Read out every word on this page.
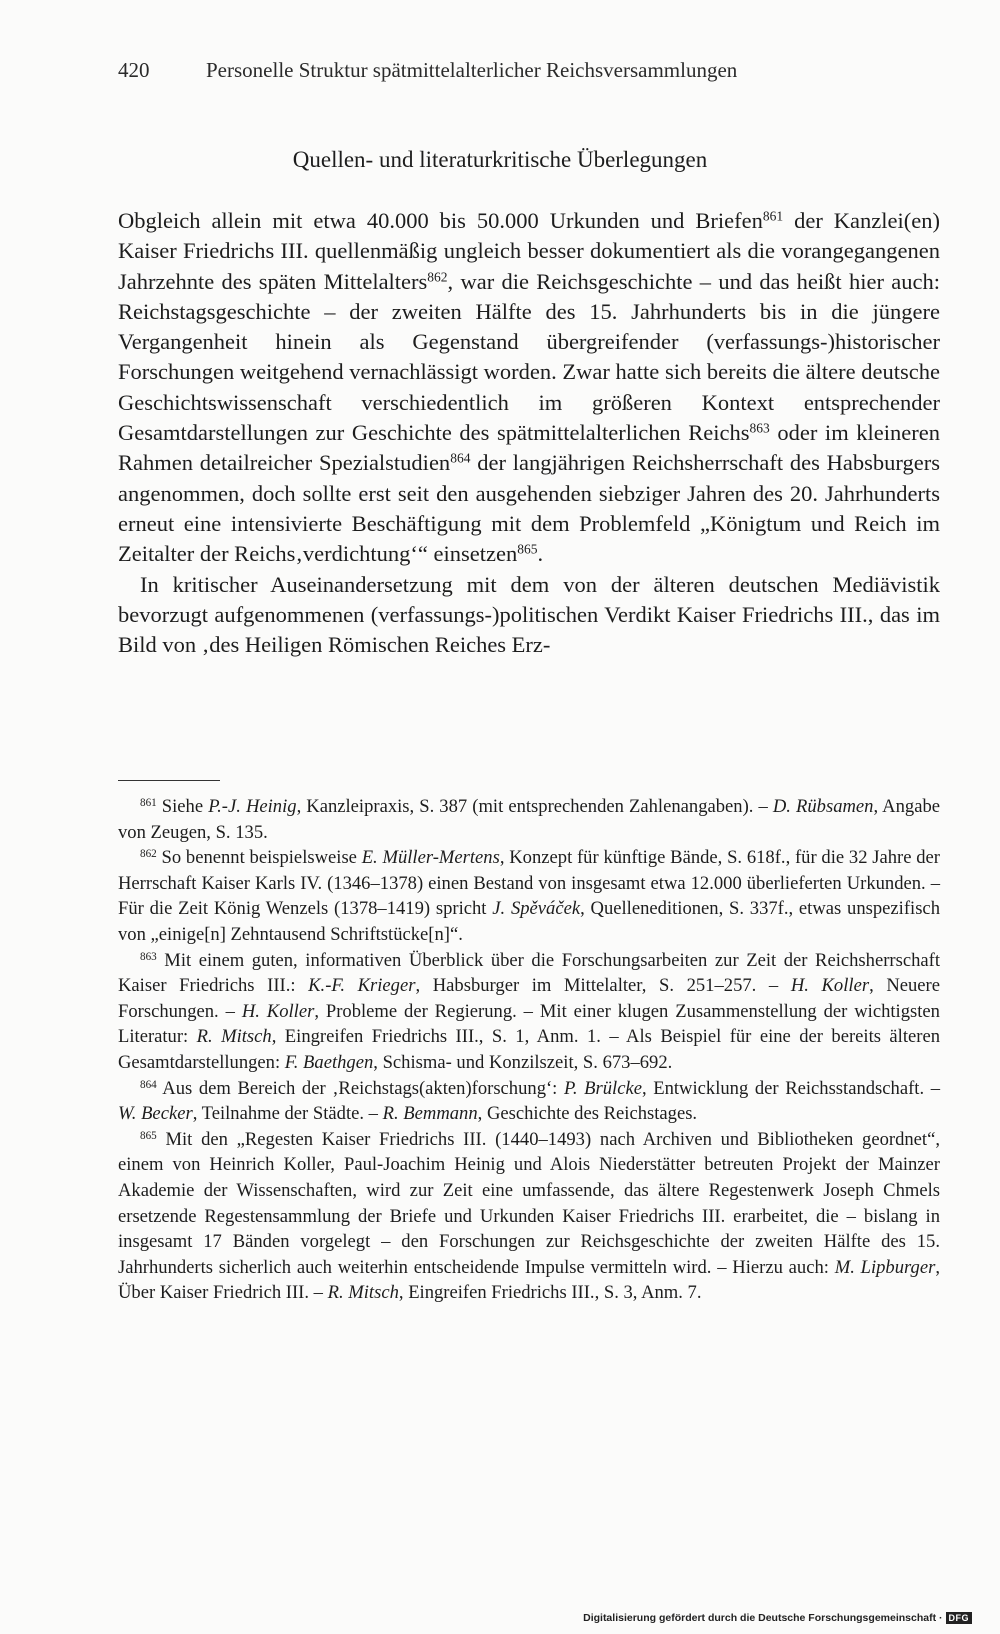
420	Personelle Struktur spätmittelalterlicher Reichsversammlungen
Quellen- und literaturkritische Überlegungen

Obgleich allein mit etwa 40.000 bis 50.000 Urkunden und Briefen$^{861}$ der Kanzlei(en) Kaiser Friedrichs III. quellenmäßig ungleich besser dokumentiert als die vorangegangenen Jahrzehnte des späten Mittelalters$^{862}$, war die Reichsgeschichte – und das heißt hier auch: Reichstagsgeschichte – der zweiten Hälfte des 15. Jahrhunderts bis in die jüngere Vergangenheit hinein als Gegenstand übergreifender (verfassungs-)historischer Forschungen weitgehend vernachlässigt worden. Zwar hatte sich bereits die ältere deutsche Geschichtswissenschaft verschiedentlich im größeren Kontext entsprechender Gesamtdarstellungen zur Geschichte des spätmittelalterlichen Reichs$^{863}$ oder im kleineren Rahmen detailreicher Spezialstudien$^{864}$ der langjährigen Reichsherrschaft des Habsburgers angenommen, doch sollte erst seit den ausgehenden siebziger Jahren des 20. Jahrhunderts erneut eine intensivierte Beschäftigung mit dem Problemfeld „Königtum und Reich im Zeitalter der Reichs‚verdichtung‘“ einsetzen$^{865}$.

In kritischer Auseinandersetzung mit dem von der älteren deutschen Mediävistik bevorzugt aufgenommenen (verfassungs-)politischen Verdikt Kaiser Friedrichs III., das im Bild von ‚des Heiligen Römischen Reiches Erz-

$^{861}$ Siehe P.-J. Heinig, Kanzleipraxis, S. 387 (mit entsprechenden Zahlenangaben). – D. Rübsamen, Angabe von Zeugen, S. 135.

$^{862}$ So benennt beispielsweise E. Müller-Mertens, Konzept für künftige Bände, S. 618f., für die 32 Jahre der Herrschaft Kaiser Karls IV. (1346–1378) einen Bestand von insgesamt etwa 12.000 überlieferten Urkunden. – Für die Zeit König Wenzels (1378–1419) spricht J. Spěváček, Quelleneditionen, S. 337f., etwas unspezifisch von „einige[n] Zehntausend Schriftstücke[n]“.

$^{863}$ Mit einem guten, informativen Überblick über die Forschungsarbeiten zur Zeit der Reichsherrschaft Kaiser Friedrichs III.: K.-F. Krieger, Habsburger im Mittelalter, S. 251–257. – H. Koller, Neuere Forschungen. – H. Koller, Probleme der Regierung. – Mit einer klugen Zusammenstellung der wichtigsten Literatur: R. Mitsch, Eingreifen Friedrichs III., S. 1, Anm. 1. – Als Beispiel für eine der bereits älteren Gesamtdarstellungen: F. Baethgen, Schisma- und Konzilszeit, S. 673–692.

$^{864}$ Aus dem Bereich der ‚Reichstags(akten)forschung‘: P. Brülcke, Entwicklung der Reichsstandschaft. – W. Becker, Teilnahme der Städte. – R. Bemmann, Geschichte des Reichstages.

$^{865}$ Mit den „Regesten Kaiser Friedrichs III. (1440–1493) nach Archiven und Bibliotheken geordnet“, einem von Heinrich Koller, Paul-Joachim Heinig und Alois Niederstätter betreuten Projekt der Mainzer Akademie der Wissenschaften, wird zur Zeit eine umfassende, das ältere Regestenwerk Joseph Chmels ersetzende Regestensammlung der Briefe und Urkunden Kaiser Friedrichs III. erarbeitet, die – bislang in insgesamt 17 Bänden vorgelegt – den Forschungen zur Reichsgeschichte der zweiten Hälfte des 15. Jahrhunderts sicherlich auch weiterhin entscheidende Impulse vermitteln wird. – Hierzu auch: M. Lipburger, Über Kaiser Friedrich III. – R. Mitsch, Eingreifen Friedrichs III., S. 3, Anm. 7.

Digitalisierung gefördert durch die Deutsche Forschungsgemeinschaft · DFG
